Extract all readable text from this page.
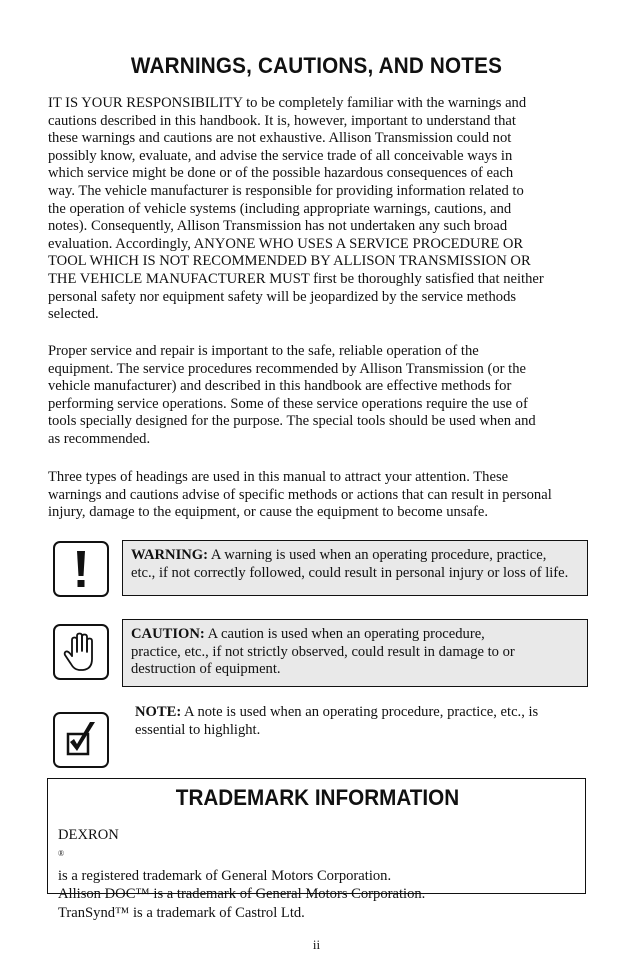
WARNINGS, CAUTIONS, AND NOTES
IT IS YOUR RESPONSIBILITY to be completely familiar with the warnings and
cautions described in this handbook. It is, however, important to understand that
these warnings and cautions are not exhaustive. Allison Transmission could not
possibly know, evaluate, and advise the service trade of all conceivable ways in
which service might be done or of the possible hazardous consequences of each
way. The vehicle manufacturer is responsible for providing information related to
the operation of vehicle systems (including appropriate warnings, cautions, and
notes). Consequently, Allison Transmission has not undertaken any such broad
evaluation. Accordingly, ANYONE WHO USES A SERVICE PROCEDURE OR
TOOL WHICH IS NOT RECOMMENDED BY ALLISON TRANSMISSION OR
THE VEHICLE MANUFACTURER MUST first be thoroughly satisfied that neither
personal safety nor equipment safety will be jeopardized by the service methods
selected.
Proper service and repair is important to the safe, reliable operation of the
equipment. The service procedures recommended by Allison Transmission (or the
vehicle manufacturer) and described in this handbook are effective methods for
performing service operations. Some of these service operations require the use of
tools specially designed for the purpose. The special tools should be used when and
as recommended.
Three types of headings are used in this manual to attract your attention. These
warnings and cautions advise of specific methods or actions that can result in personal
injury, damage to the equipment, or cause the equipment to become unsafe.
WARNING: A warning is used when an operating procedure, practice,
etc., if not correctly followed, could result in personal injury or loss of life.
CAUTION: A caution is used when an operating procedure,
practice, etc., if not strictly observed, could result in damage to or
destruction of equipment.
NOTE: A note is used when an operating procedure, practice, etc., is
essential to highlight.
TRADEMARK INFORMATION
DEXRON
®
is a registered trademark of General Motors Corporation.
Allison DOC™ is a trademark of General Motors Corporation.
TranSynd™ is a trademark of Castrol Ltd.
ii
